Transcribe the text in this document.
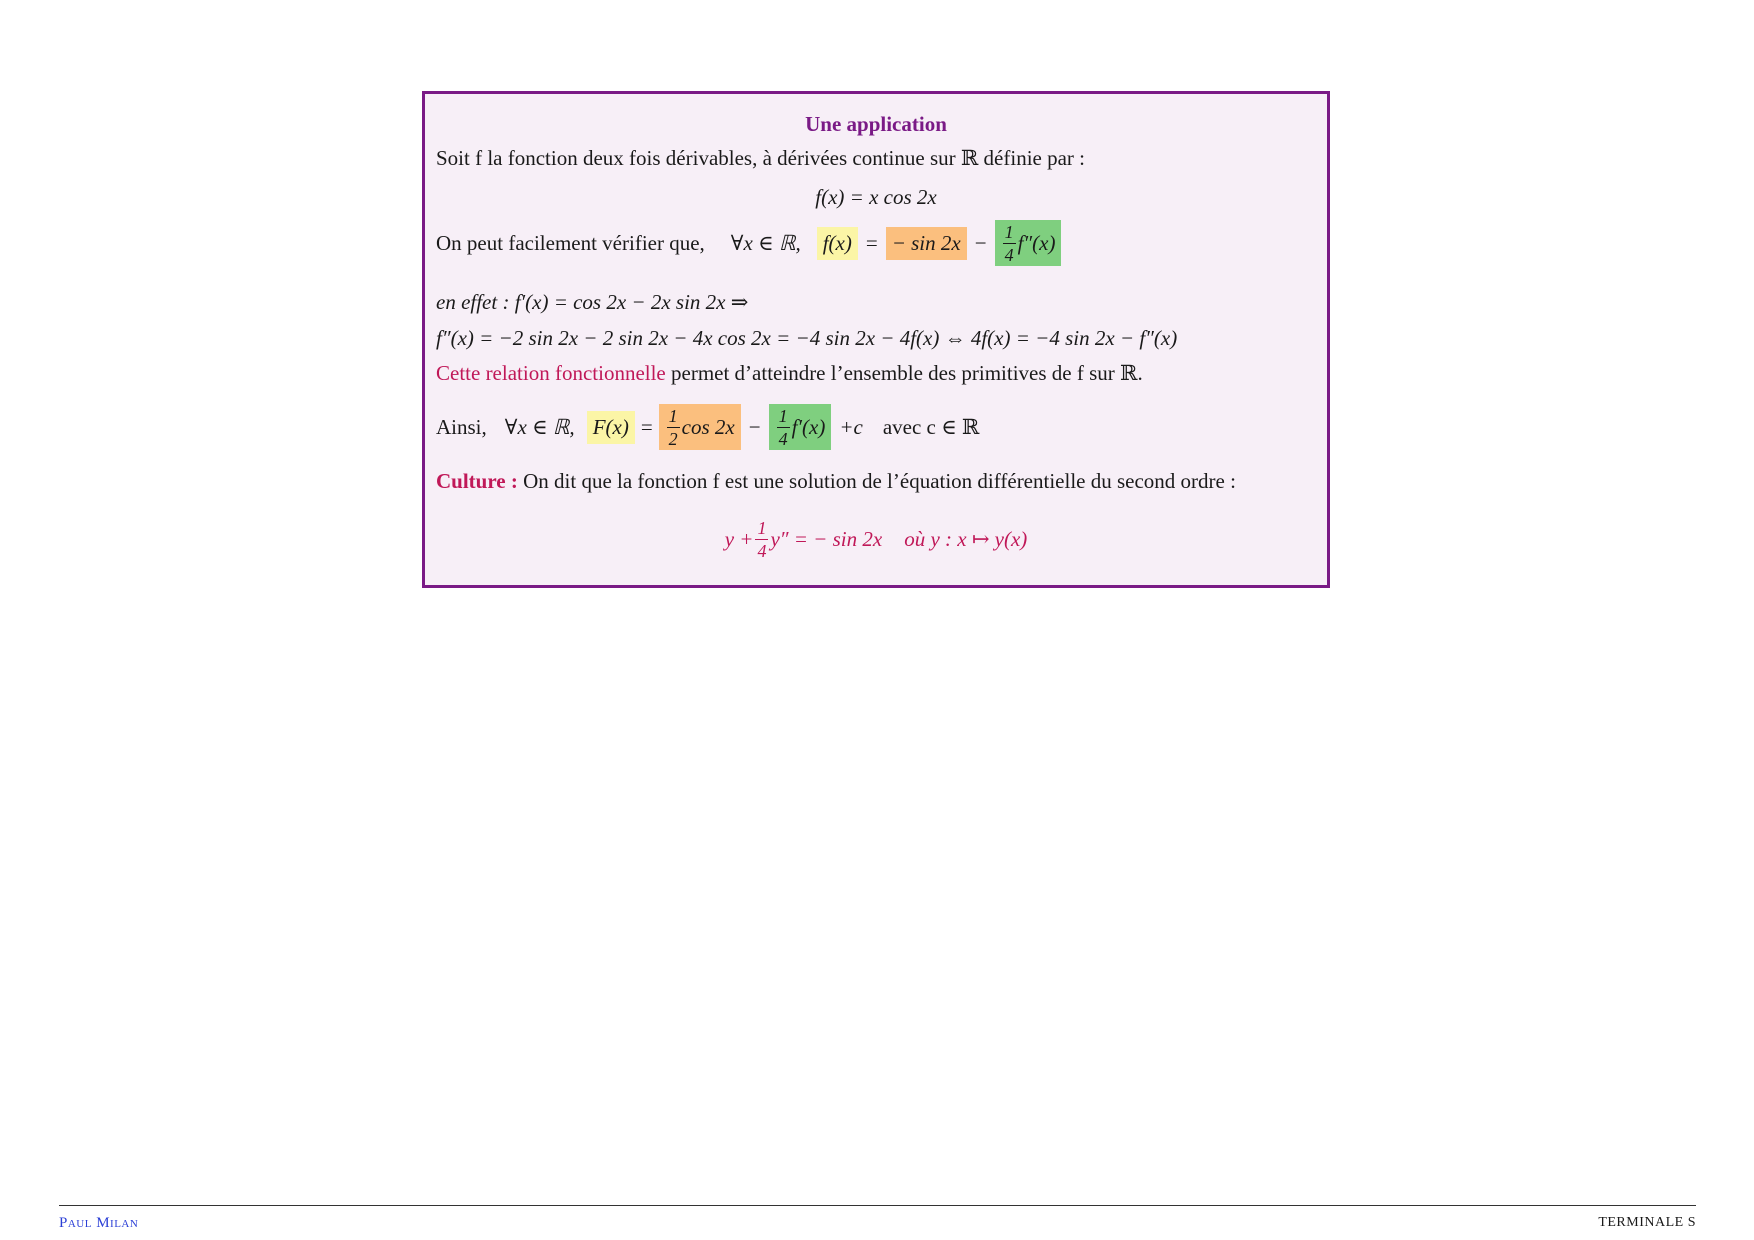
Une application
Soit f la fonction deux fois dérivables, à dérivées continue sur ℝ définie par :
f(x) = x cos 2x
On peut facilement vérifier que, ∀x ∈ ℝ, f(x) = − $\sin 2x - \frac{1}{4} f''(x)$
en effet : f′(x) = cos 2x − 2x sin 2x ⇒
f″(x) = −2 sin 2x − 2 sin 2x − 4x cos 2x = −4 sin 2x − 4f(x) ⇔ 4f(x) = −4 sin 2x − f″(x)
Cette relation fonctionnelle permet d’atteindre l’ensemble des primitives de f sur ℝ.
Ainsi, ∀x ∈ ℝ, $F(x) = \frac{1}{2}$ $\cos 2x - \frac{1}{4} f'(x) +c$ avec c ∈ ℝ
Culture : On dit que la fonction f est une solution de l’équation différentielle du second ordre :
$y + \frac{1}{4} y''$ = − sin 2x où y : x ↦ y(x)
Paul Milan	TERMINALE S
